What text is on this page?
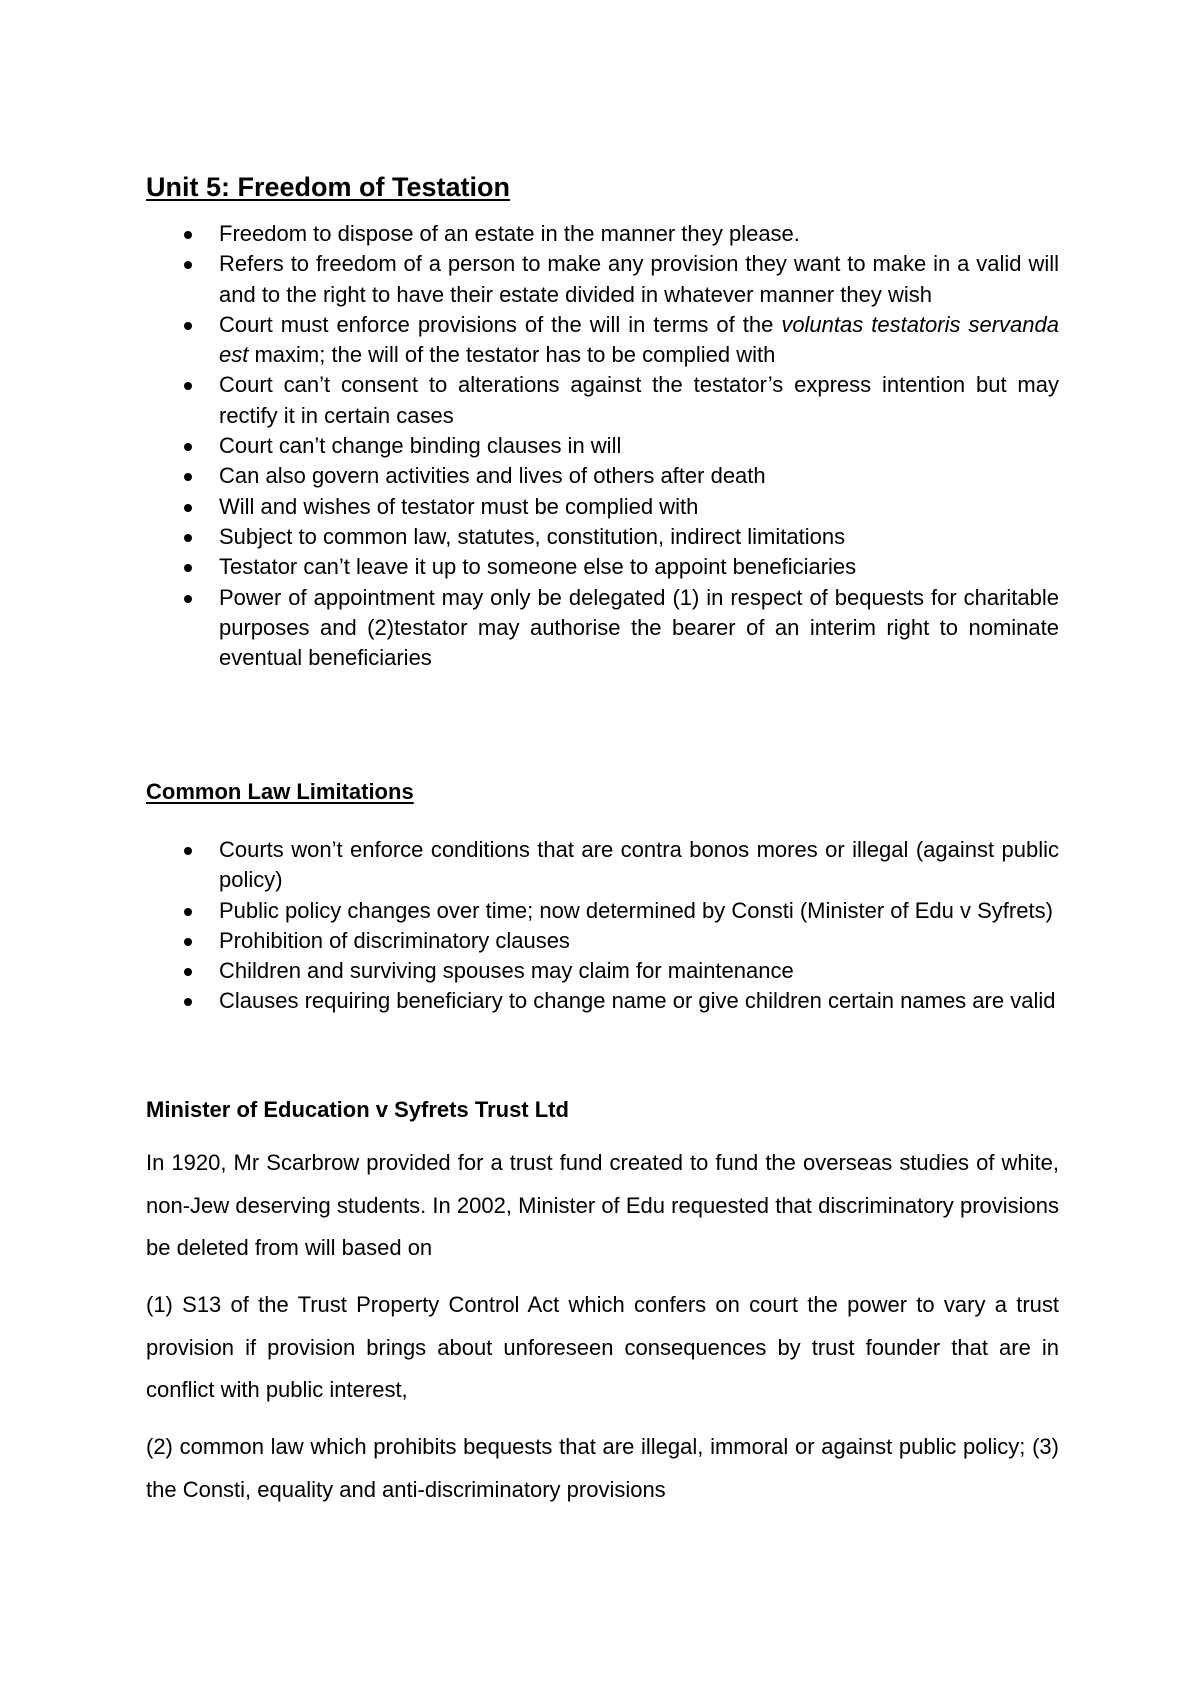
Unit 5: Freedom of Testation
Freedom to dispose of an estate in the manner they please.
Refers to freedom of a person to make any provision they want to make in a valid will and to the right to have their estate divided in whatever manner they wish
Court must enforce provisions of the will in terms of the voluntas testatoris servanda est maxim; the will of the testator has to be complied with
Court can’t consent to alterations against the testator’s express intention but may rectify it in certain cases
Court can’t change binding clauses in will
Can also govern activities and lives of others after death
Will and wishes of testator must be complied with
Subject to common law, statutes, constitution, indirect limitations
Testator can’t leave it up to someone else to appoint beneficiaries
Power of appointment may only be delegated (1) in respect of bequests for charitable purposes and (2)testator may authorise the bearer of an interim right to nominate eventual beneficiaries
Common Law Limitations
Courts won’t enforce conditions that are contra bonos mores or illegal (against public policy)
Public policy changes over time; now determined by Consti (Minister of Edu v Syfrets)
Prohibition of discriminatory clauses
Children and surviving spouses may claim for maintenance
Clauses requiring beneficiary to change name or give children certain names are valid
Minister of Education v Syfrets Trust Ltd

In 1920, Mr Scarbrow provided for a trust fund created to fund the overseas studies of white, non-Jew deserving students. In 2002, Minister of Edu requested that discriminatory provisions be deleted from will based on

(1) S13 of the Trust Property Control Act which confers on court the power to vary a trust provision if provision brings about unforeseen consequences by trust founder that are in conflict with public interest,

(2) common law which prohibits bequests that are illegal, immoral or against public policy; (3) the Consti, equality and anti-discriminatory provisions
